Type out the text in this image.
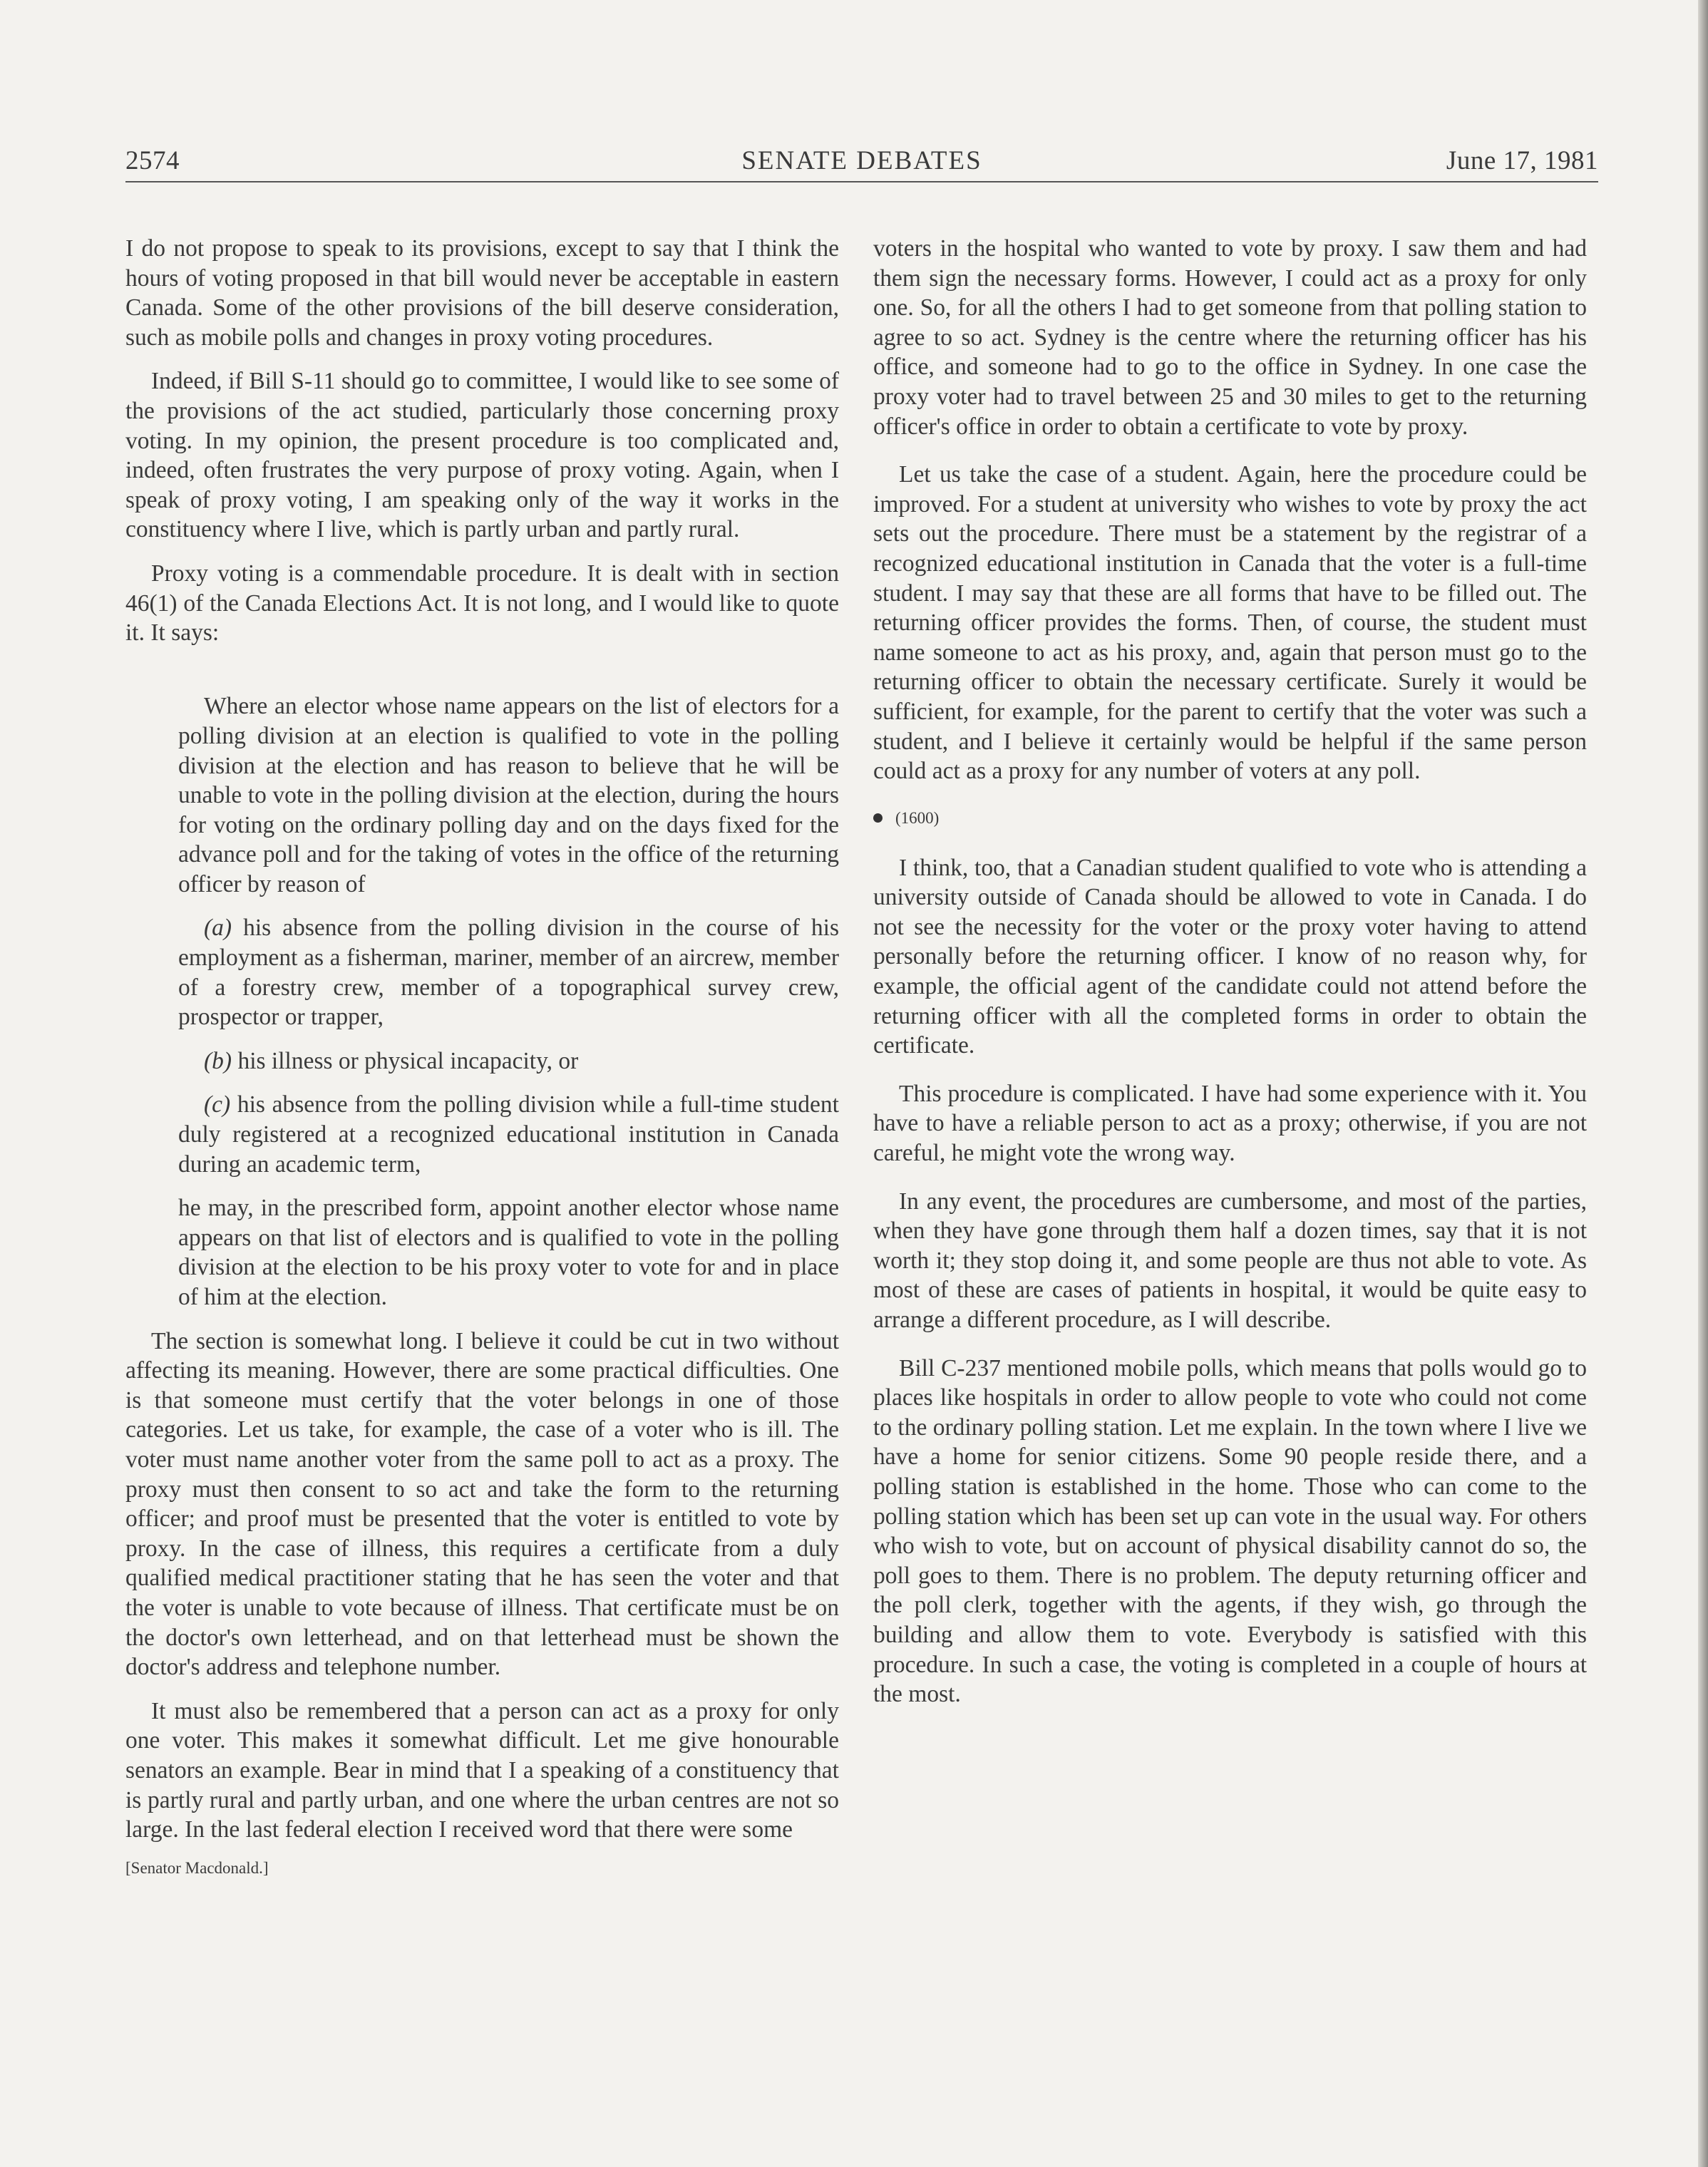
2574	SENATE DEBATES	June 17, 1981

I do not propose to speak to its provisions, except to say that I think the hours of voting proposed in that bill would never be acceptable in eastern Canada. Some of the other provisions of the bill deserve consideration, such as mobile polls and changes in proxy voting procedures.

Indeed, if Bill S-11 should go to committee, I would like to see some of the provisions of the act studied, particularly those concerning proxy voting. In my opinion, the present procedure is too complicated and, indeed, often frustrates the very purpose of proxy voting. Again, when I speak of proxy voting, I am speaking only of the way it works in the constituency where I live, which is partly urban and partly rural.

Proxy voting is a commendable procedure. It is dealt with in section 46(1) of the Canada Elections Act. It is not long, and I would like to quote it. It says:

Where an elector whose name appears on the list of electors for a polling division at an election is qualified to vote in the polling division at the election and has reason to believe that he will be unable to vote in the polling division at the election, during the hours for voting on the ordinary polling day and on the days fixed for the advance poll and for the taking of votes in the office of the returning officer by reason of

(a) his absence from the polling division in the course of his employment as a fisherman, mariner, member of an aircrew, member of a forestry crew, member of a topographical survey crew, prospector or trapper,

(b) his illness or physical incapacity, or

(c) his absence from the polling division while a full-time student duly registered at a recognized educational institution in Canada during an academic term,

he may, in the prescribed form, appoint another elector whose name appears on that list of electors and is qualified to vote in the polling division at the election to be his proxy voter to vote for and in place of him at the election.

The section is somewhat long. I believe it could be cut in two without affecting its meaning. However, there are some practical difficulties. One is that someone must certify that the voter belongs in one of those categories. Let us take, for example, the case of a voter who is ill. The voter must name another voter from the same poll to act as a proxy. The proxy must then consent to so act and take the form to the returning officer; and proof must be presented that the voter is entitled to vote by proxy. In the case of illness, this requires a certificate from a duly qualified medical practitioner stating that he has seen the voter and that the voter is unable to vote because of illness. That certificate must be on the doctor's own letterhead, and on that letterhead must be shown the doctor's address and telephone number.

It must also be remembered that a person can act as a proxy for only one voter. This makes it somewhat difficult. Let me give honourable senators an example. Bear in mind that I a speaking of a constituency that is partly rural and partly urban, and one where the urban centres are not so large. In the last federal election I received word that there were some

[Senator Macdonald.]

voters in the hospital who wanted to vote by proxy. I saw them and had them sign the necessary forms. However, I could act as a proxy for only one. So, for all the others I had to get someone from that polling station to agree to so act. Sydney is the centre where the returning officer has his office, and someone had to go to the office in Sydney. In one case the proxy voter had to travel between 25 and 30 miles to get to the returning officer's office in order to obtain a certificate to vote by proxy.

Let us take the case of a student. Again, here the procedure could be improved. For a student at university who wishes to vote by proxy the act sets out the procedure. There must be a statement by the registrar of a recognized educational institution in Canada that the voter is a full-time student. I may say that these are all forms that have to be filled out. The returning officer provides the forms. Then, of course, the student must name someone to act as his proxy, and, again that person must go to the returning officer to obtain the necessary certificate. Surely it would be sufficient, for example, for the parent to certify that the voter was such a student, and I believe it certainly would be helpful if the same person could act as a proxy for any number of voters at any poll.

(1600)

I think, too, that a Canadian student qualified to vote who is attending a university outside of Canada should be allowed to vote in Canada. I do not see the necessity for the voter or the proxy voter having to attend personally before the returning officer. I know of no reason why, for example, the official agent of the candidate could not attend before the returning officer with all the completed forms in order to obtain the certificate.

This procedure is complicated. I have had some experience with it. You have to have a reliable person to act as a proxy; otherwise, if you are not careful, he might vote the wrong way.

In any event, the procedures are cumbersome, and most of the parties, when they have gone through them half a dozen times, say that it is not worth it; they stop doing it, and some people are thus not able to vote. As most of these are cases of patients in hospital, it would be quite easy to arrange a different procedure, as I will describe.

Bill C-237 mentioned mobile polls, which means that polls would go to places like hospitals in order to allow people to vote who could not come to the ordinary polling station. Let me explain. In the town where I live we have a home for senior citizens. Some 90 people reside there, and a polling station is established in the home. Those who can come to the polling station which has been set up can vote in the usual way. For others who wish to vote, but on account of physical disability cannot do so, the poll goes to them. There is no problem. The deputy returning officer and the poll clerk, together with the agents, if they wish, go through the building and allow them to vote. Everybody is satisfied with this procedure. In such a case, the voting is completed in a couple of hours at the most.
